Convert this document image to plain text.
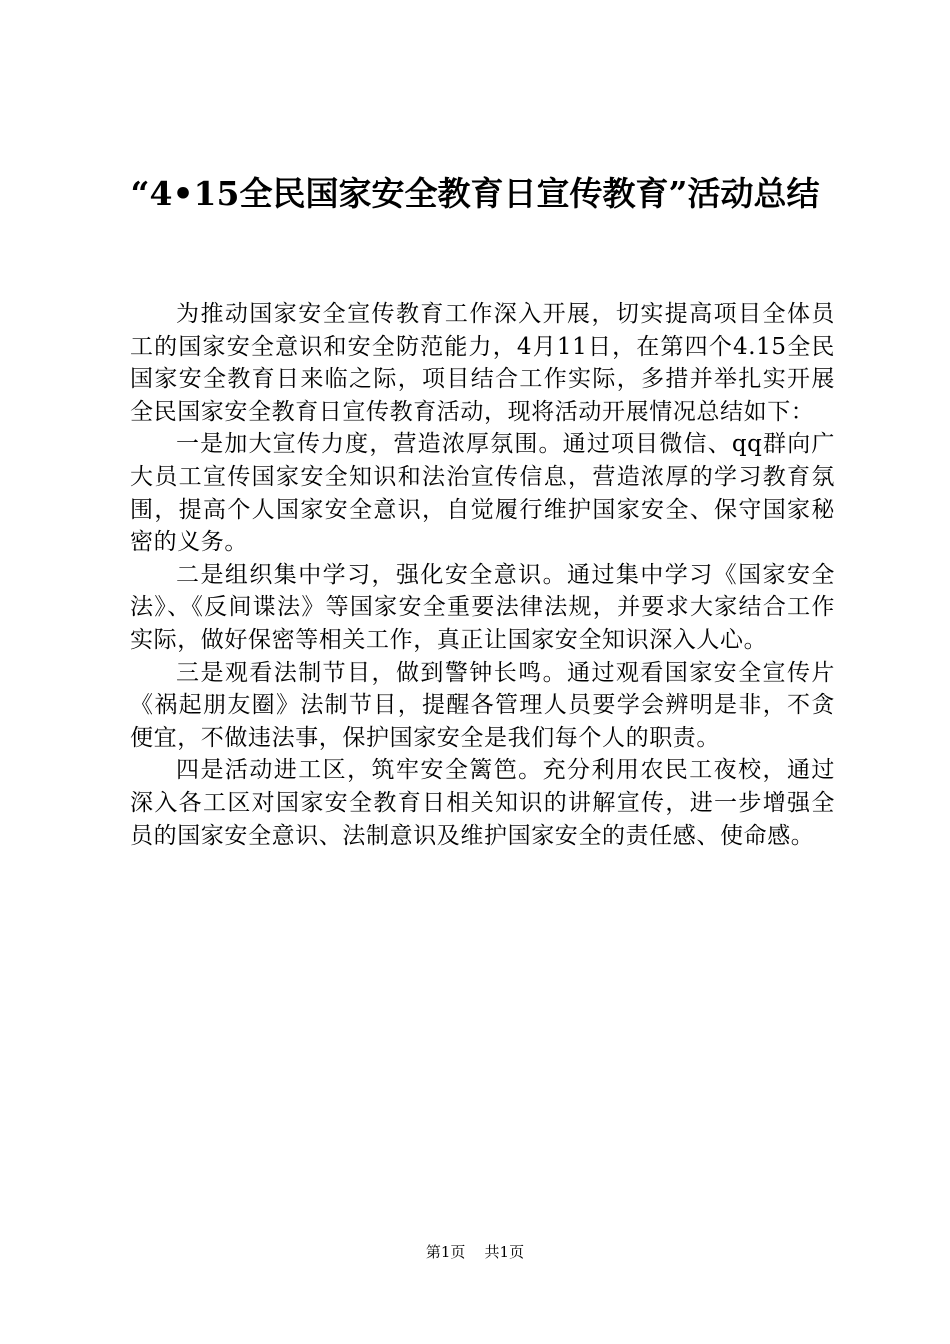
“4•15全民国家安全教育日宣传教育”活动总结

为推动国家安全宣传教育工作深入开展，切实提高项目全体员工的国家安全意识和安全防范能力，4月11日，在第四个4.15全民国家安全教育日来临之际，项目结合工作实际，多措并举扎实开展全民国家安全教育日宣传教育活动，现将活动开展情况总结如下：

一是加大宣传力度，营造浓厚氛围。通过项目微信、qq群向广大员工宣传国家安全知识和法治宣传信息，营造浓厚的学习教育氛围，提高个人国家安全意识，自觉履行维护国家安全、保守国家秘密的义务。

二是组织集中学习，强化安全意识。通过集中学习《国家安全法》、《反间谍法》等国家安全重要法律法规，并要求大家结合工作实际，做好保密等相关工作，真正让国家安全知识深入人心。

三是观看法制节目，做到警钟长鸣。通过观看国家安全宣传片《祸起朋友圈》法制节目，提醒各管理人员要学会辨明是非，不贪便宜，不做违法事，保护国家安全是我们每个人的职责。

四是活动进工区，筑牢安全篱笆。充分利用农民工夜校，通过深入各工区对国家安全教育日相关知识的讲解宣传，进一步增强全员的国家安全意识、法制意识及维护国家安全的责任感、使命感。

第1页 共1页
